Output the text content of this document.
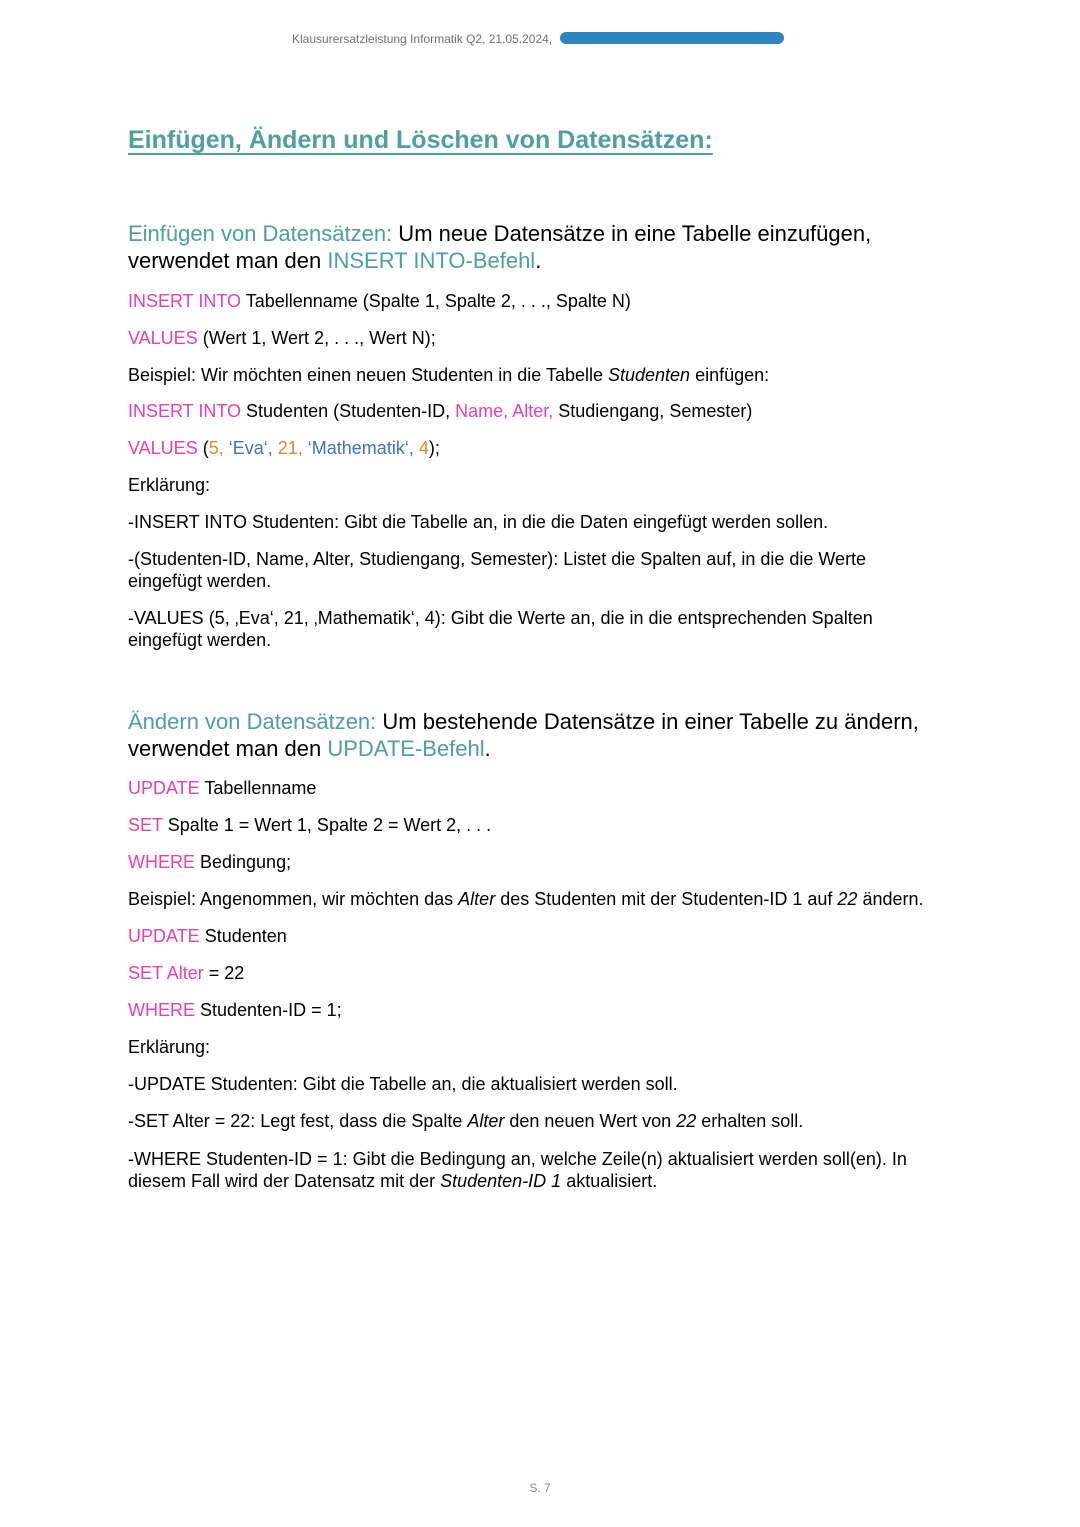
Klausurersatzleistung Informatik Q2, 21.05.2024,
Einfügen, Ändern und Löschen von Datensätzen:
Einfügen von Datensätzen: Um neue Datensätze in eine Tabelle einzufügen,
verwendet man den INSERT INTO-Befehl.
INSERT INTO Tabellenname (Spalte 1, Spalte 2, . . ., Spalte N)
VALUES (Wert 1, Wert 2, . . ., Wert N);
Beispiel: Wir möchten einen neuen Studenten in die Tabelle Studenten einfügen:
INSERT INTO Studenten (Studenten-ID, Name, Alter, Studiengang, Semester)
VALUES (5, ‘Eva‘, 21, ‘Mathematik‘, 4);
Erklärung:
-INSERT INTO Studenten: Gibt die Tabelle an, in die die Daten eingefügt werden sollen.
-(Studenten-ID, Name, Alter, Studiengang, Semester): Listet die Spalten auf, in die die Werte
eingefügt werden.
-VALUES (5, ‚Eva‘, 21, ‚Mathematik‘, 4): Gibt die Werte an, die in die entsprechenden Spalten
eingefügt werden.
Ändern von Datensätzen: Um bestehende Datensätze in einer Tabelle zu ändern,
verwendet man den UPDATE-Befehl.
UPDATE Tabellenname
SET Spalte 1 = Wert 1, Spalte 2 = Wert 2, . . .
WHERE Bedingung;
Beispiel: Angenommen, wir möchten das Alter des Studenten mit der Studenten-ID 1 auf 22 ändern.
UPDATE Studenten
SET Alter = 22
WHERE Studenten-ID = 1;
Erklärung:
-UPDATE Studenten: Gibt die Tabelle an, die aktualisiert werden soll.
-SET Alter = 22: Legt fest, dass die Spalte Alter den neuen Wert von 22 erhalten soll.
-WHERE Studenten-ID = 1: Gibt die Bedingung an, welche Zeile(n) aktualisiert werden soll(en). In
diesem Fall wird der Datensatz mit der Studenten-ID 1 aktualisiert.
S. 7
